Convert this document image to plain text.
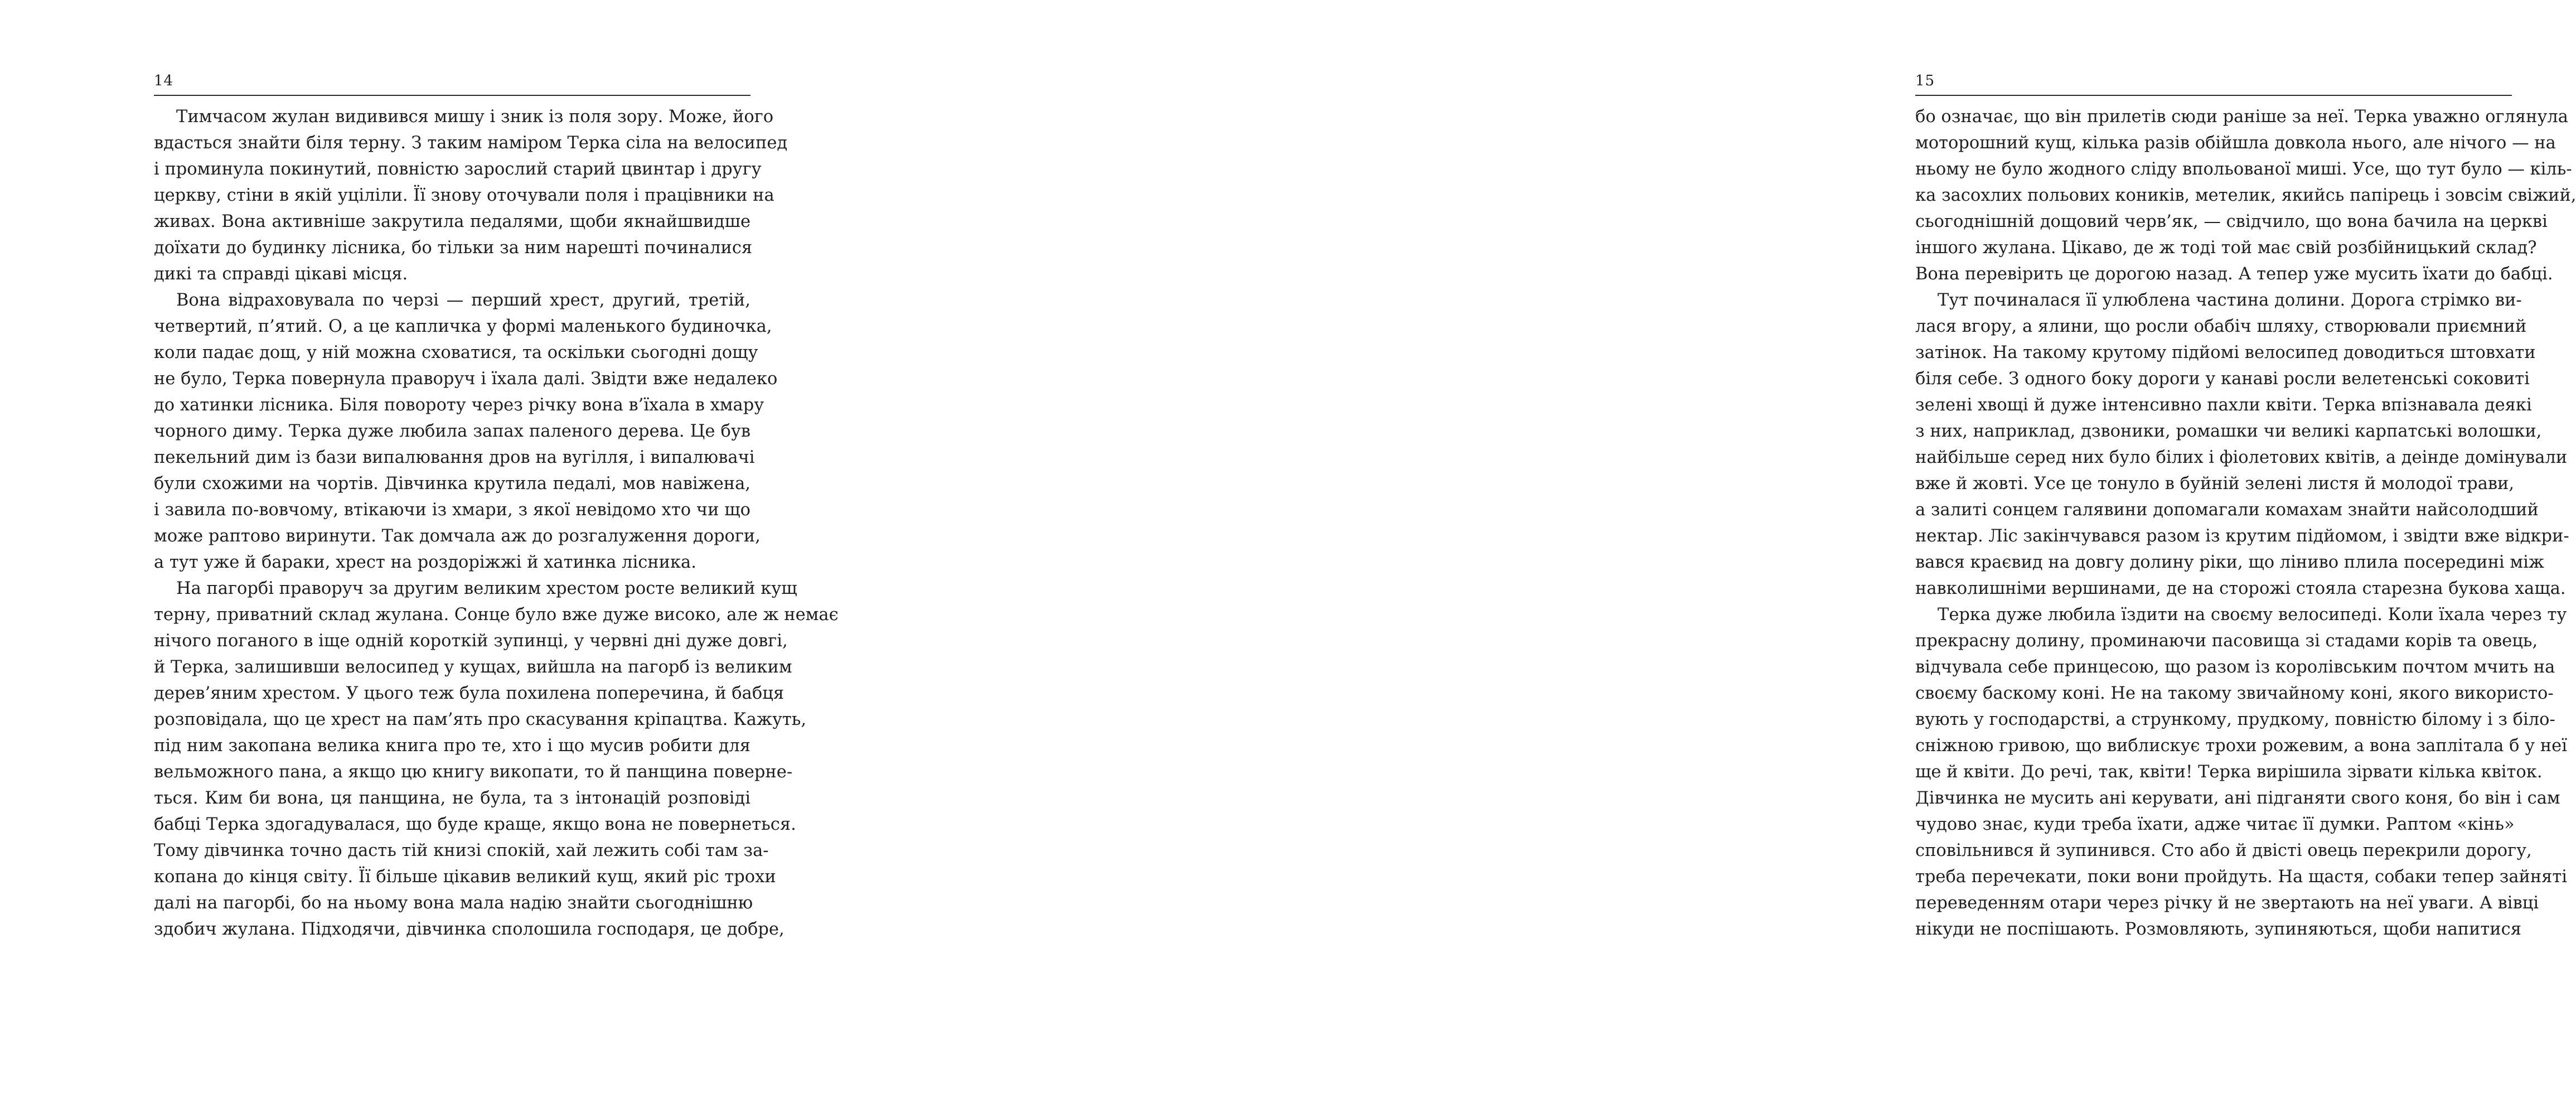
14
Тимчасом жулан видивився мишу і зник із поля зору. Може, його
вдасться знайти біля терну. З таким наміром Терка сіла на велосипед
і проминула покинутий, повністю зарослий старий цвинтар і другу
церкву, стіни в якій уціліли. Її знову оточували поля і працівники на
живах. Вона активніше закрутила педалями, щоби якнайшвидше
доїхати до будинку лісника, бо тільки за ним нарешті починалися
дикі та справді цікаві місця.
Вона відраховувала по черзі — перший хрест, другий, третій,
четвертий, п’ятий. О, а це капличка у формі маленького будиночка,
коли падає дощ, у ній можна сховатися, та оскільки сьогодні дощу
не було, Терка повернула праворуч і їхала далі. Звідти вже недалеко
до хатинки лісника. Біля повороту через річку вона в’їхала в хмару
чорного диму. Терка дуже любила запах паленого дерева. Це був
пекельний дим із бази випалювання дров на вугілля, і випалювачі
були схожими на чортів. Дівчинка крутила педалі, мов навіжена,
і завила по-вовчому, втікаючи із хмари, з якої невідомо хто чи що
може раптово виринути. Так домчала аж до розгалуження дороги,
а тут уже й бараки, хрест на роздоріжжі й хатинка лісника.
На пагорбі праворуч за другим великим хрестом росте великий кущ
терну, приватний склад жулана. Сонце було вже дуже високо, але ж немає
нічого поганого в іще одній короткій зупинці, у червні дні дуже довгі,
й Терка, залишивши велосипед у кущах, вийшла на пагорб із великим
дерев’яним хрестом. У цього теж була похилена поперечина, й бабця
розповідала, що це хрест на пам’ять про скасування кріпацтва. Кажуть,
під ним закопана велика книга про те, хто і що мусив робити для
вельможного пана, а якщо цю книгу викопати, то й панщина поверне-
ться. Ким би вона, ця панщина, не була, та з інтонацій розповіді
бабці Терка здогадувалася, що буде краще, якщо вона не повернеться.
Тому дівчинка точно дасть тій книзі спокій, хай лежить собі там за-
копана до кінця світу. Її більше цікавив великий кущ, який ріс трохи
далі на пагорбі, бо на ньому вона мала надію знайти сьогоднішню
здобич жулана. Підходячи, дівчинка сполошила господаря, це добре,
15
бо означає, що він прилетів сюди раніше за неї. Терка уважно оглянула
моторошний кущ, кілька разів обійшла довкола нього, але нічого — на
ньому не було жодного сліду впольованої миші. Усе, що тут було — кіль-
ка засохлих польових коників, метелик, якийсь папірець і зовсім свіжий,
сьогоднішній дощовий черв’як, — свідчило, що вона бачила на церкві
іншого жулана. Цікаво, де ж тоді той має свій розбійницький склад?
Вона перевірить це дорогою назад. А тепер уже мусить їхати до бабці.
Тут починалася її улюблена частина долини. Дорога стрімко ви-
лася вгору, а ялини, що росли обабіч шляху, створювали приємний
затінок. На такому крутому підйомі велосипед доводиться штовхати
біля себе. З одного боку дороги у канаві росли велетенські соковиті
зелені хвощі й дуже інтенсивно пахли квіти. Терка впізнавала деякі
з них, наприклад, дзвоники, ромашки чи великі карпатські волошки,
найбільше серед них було білих і фіолетових квітів, а деінде домінували
вже й жовті. Усе це тонуло в буйній зелені листя й молодої трави,
а залиті сонцем галявини допомагали комахам знайти найсолодший
нектар. Ліс закінчувався разом із крутим підйомом, і звідти вже відкри-
вався краєвид на довгу долину ріки, що ліниво плила посередині між
навколишніми вершинами, де на сторожі стояла старезна букова хаща.
Терка дуже любила їздити на своєму велосипеді. Коли їхала через ту
прекрасну долину, проминаючи пасовища зі стадами корів та овець,
відчувала себе принцесою, що разом із королівським почтом мчить на
своєму баскому коні. Не на такому звичайному коні, якого використо-
вують у господарстві, а стрункому, прудкому, повністю білому і з біло-
сніжною гривою, що виблискує трохи рожевим, а вона заплітала б у неї
ще й квіти. До речі, так, квіти! Терка вирішила зірвати кілька квіток.
Дівчинка не мусить ані керувати, ані підганяти свого коня, бо він і сам
чудово знає, куди треба їхати, адже читає її думки. Раптом «кінь»
сповільнився й зупинився. Сто або й двісті овець перекрили дорогу,
треба перечекати, поки вони пройдуть. На щастя, собаки тепер зайняті
переведенням отари через річку й не звертають на неї уваги. А вівці
нікуди не поспішають. Розмовляють, зупиняються, щоби напитися
